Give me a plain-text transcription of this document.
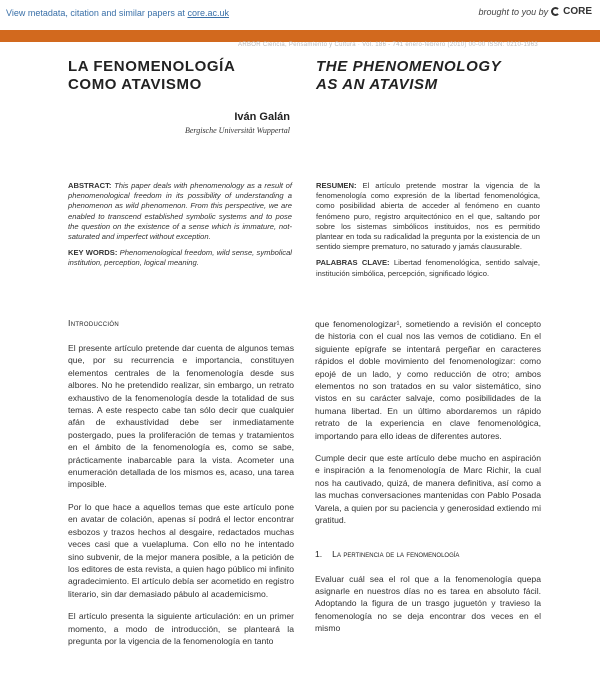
View metadata, citation and similar papers at core.ac.uk	brought to you by CORE
provided by Arbor (E-Journal)
ARBOR Ciencia, Pensamiento y Cultura · Vol. 186 - 741 enero-febrero (2010) 00-00 ISSN: 0210-1963
LA FENOMENOLOGÍA
COMO ATAVISMO
THE PHENOMENOLOGY
AS AN ATAVISM
Iván Galán
Bergische Universität Wuppertal

ABSTRACT: This paper deals with phenomenology as a result of phenomenological freedom in its possibility of understanding a phenomenon as wild phenomenon. From this perspective, we are enabled to transcend established symbolic systems and to pose the question on the existence of a sense which is immature, not-saturated and imperfect without exception.

KEY WORDS: Phenomenological freedom, wild sense, symbolical institution, perception, logical meaning.

RESUMEN: El artículo pretende mostrar la vigencia de la fenomenología como expresión de la libertad fenomenológica, como posibilidad abierta de acceder al fenómeno en cuanto fenómeno puro, registro arquitectónico en el que, saltando por sobre los sistemas simbólicos instituidos, nos es permitido plantear en toda su radicalidad la pregunta por la existencia de un sentido siempre prematuro, no saturado y jamás clausurable.

PALABRAS CLAVE: Libertad fenomenológica, sentido salvaje, institución simbólica, percepción, significado lógico.

Introducción

El presente artículo pretende dar cuenta de algunos temas que, por su recurrencia e importancia, constituyen elementos centrales de la fenomenología desde sus albores. No he pretendido realizar, sin embargo, un retrato exhaustivo de la fenomenología desde la totalidad de sus temas. A este respecto cabe tan sólo decir que cualquier afán de exhaustividad debe ser inmediatamente postergado, pues la proliferación de temas y tratamientos en el ámbito de la fenomenología es, como se sabe, prácticamente inabarcable para la vista. Acometer una enumeración detallada de los mismos es, acaso, una tarea imposible.

Por lo que hace a aquellos temas que este artículo pone en avatar de colación, apenas sí podrá el lector encontrar esbozos y trazos hechos al desgaire, redactados muchas veces casi que a vuelapluma. Con ello no he intentado sino subvenir, de la mejor manera posible, a la petición de los editores de esta revista, a quien hago público mi infinito agradecimiento. El artículo debía ser acometido en registro literario, sin dar demasiado pábulo al academicismo.

El artículo presenta la siguiente articulación: en un primer momento, a modo de introducción, se planteará la pregunta por la vigencia de la fenomenología en tanto

que fenomenologizar¹, sometiendo a revisión el concepto de historia con el cual nos las vemos de cotidiano. En el siguiente epígrafe se intentará pergeñar en caracteres rápidos el doble movimiento del fenomenologizar: como epojé de un lado, y como reducción de otro; ambos elementos no son tratados en su valor sistemático, sino vistos en su carácter salvaje, como posibilidades de la humana libertad. En un último abordaremos un rápido retrato de la experiencia en clave fenomenológica, importando para ello ideas de diferentes autores.

Cumple decir que este artículo debe mucho en aspiración e inspiración a la fenomenología de Marc Richir, la cual nos ha cautivado, quizá, de manera definitiva, así como a las muchas conversaciones mantenidas con Pablo Posada Varela, a quien por su paciencia y generosidad extiendo mi gratitud.

1. La pertinencia de la fenomenología

Evaluar cuál sea el rol que a la fenomenología quepa asignarle en nuestros días no es tarea en absoluto fácil. Adoptando la figura de un trasgo juguetón y travieso la fenomenología no se deja encontrar dos veces en el mismo
